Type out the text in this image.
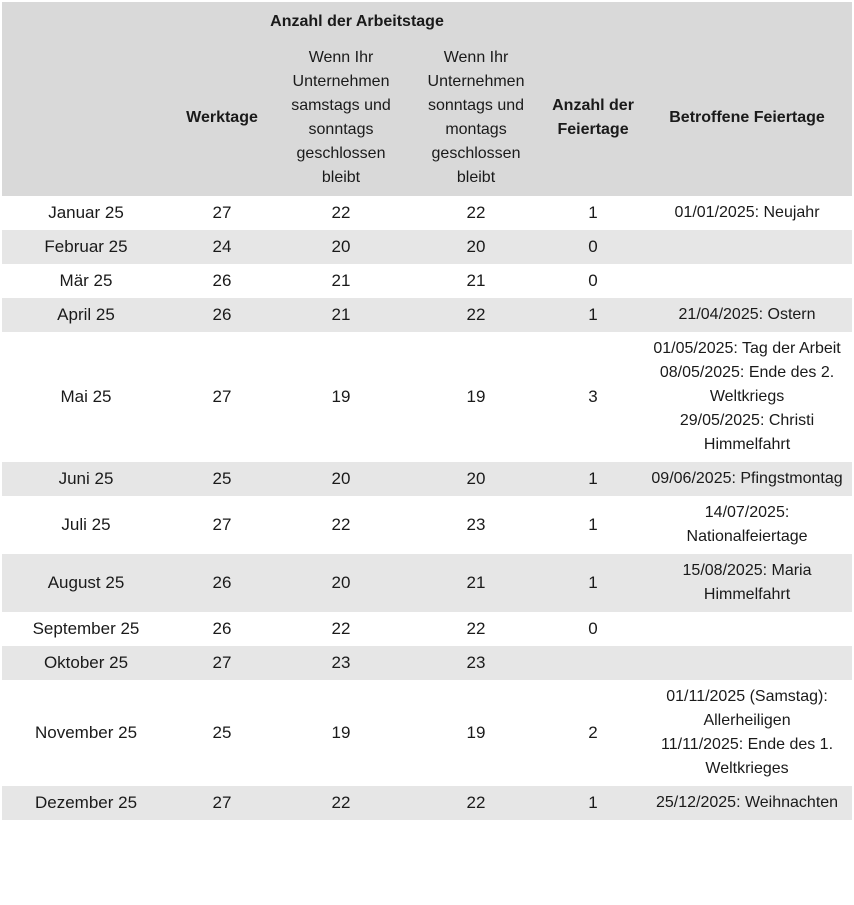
	Anzahl der Arbeitstage				
	Werktage	Wenn Ihr Unternehmen samstags und sonntags geschlossen bleibt	Wenn Ihr Unternehmen sonntags und montags geschlossen bleibt	Anzahl der Feiertage	Betroffene Feiertage
Januar 25	27	22	22	1	01/01/2025: Neujahr

Februar 25	24	20	20	0	
Mär 25	26	21	21	0	
April 25	26	21	22	1	21/04/2025: Ostern

Mai 25	27	19	19	3	01/05/2025: Tag der Arbeit
08/05/2025: Ende des 2. Weltkriegs
29/05/2025: Christi Himmelfahrt

Juni 25	25	20	20	1	09/06/2025: Pfingstmontag

Juli 25	27	22	23	1	14/07/2025: Nationalfeiertage

August 25	26	20	21	1	15/08/2025: Maria Himmelfahrt

September 25	26	22	22	0	
Oktober 25	27	23	23		
November 25	25	19	19	2	01/11/2025 (Samstag): Allerheiligen
11/11/2025: Ende des 1. Weltkrieges

Dezember 25	27	22	22	1	25/12/2025: Weihnachten
